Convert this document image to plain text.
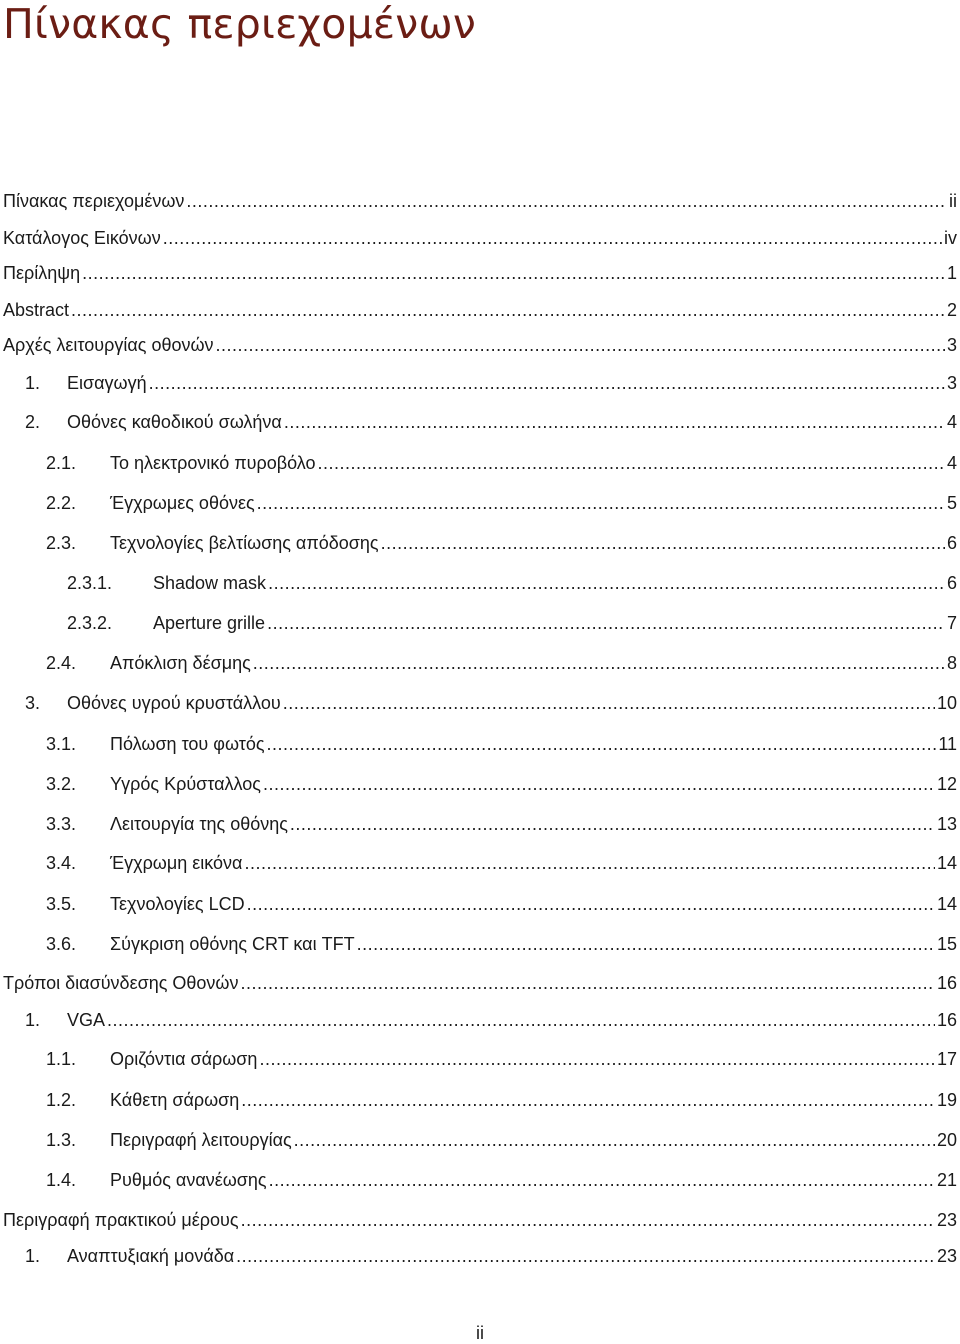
Πίνακας περιεχομένων
Πίνακας περιεχομένων .....	ii
Κατάλογος Εικόνων .....	iv
Περίληψη .....	1
Abstract .....	2
Αρχές λειτουργίας οθονών .....	3
1.	Εισαγωγή .....	3
2.	Οθόνες καθοδικού σωλήνα .....	4
2.1.	Το ηλεκτρονικό πυροβόλο .....	4
2.2.	Έγχρωμες οθόνες .....	5
2.3.	Τεχνολογίες βελτίωσης απόδοσης .....	6
2.3.1.	Shadow mask .....	6
2.3.2.	Aperture grille .....	7
2.4.	Απόκλιση δέσμης .....	8
3.	Οθόνες υγρού κρυστάλλου .....	10
3.1.	Πόλωση του φωτός .....	11
3.2.	Υγρός Κρύσταλλος .....	12
3.3.	Λειτουργία της οθόνης .....	13
3.4.	Έγχρωμη εικόνα .....	14
3.5.	Τεχνολογίες LCD .....	14
3.6.	Σύγκριση οθόνης CRT και TFT .....	15
Τρόποι διασύνδεσης Οθονών .....	16
1.	VGA .....	16
1.1.	Οριζόντια σάρωση .....	17
1.2.	Κάθετη σάρωση .....	19
1.3.	Περιγραφή λειτουργίας .....	20
1.4.	Ρυθμός ανανέωσης .....	21
Περιγραφή πρακτικού μέρους .....	23
1.	Αναπτυξιακή μονάδα .....	23
ii
